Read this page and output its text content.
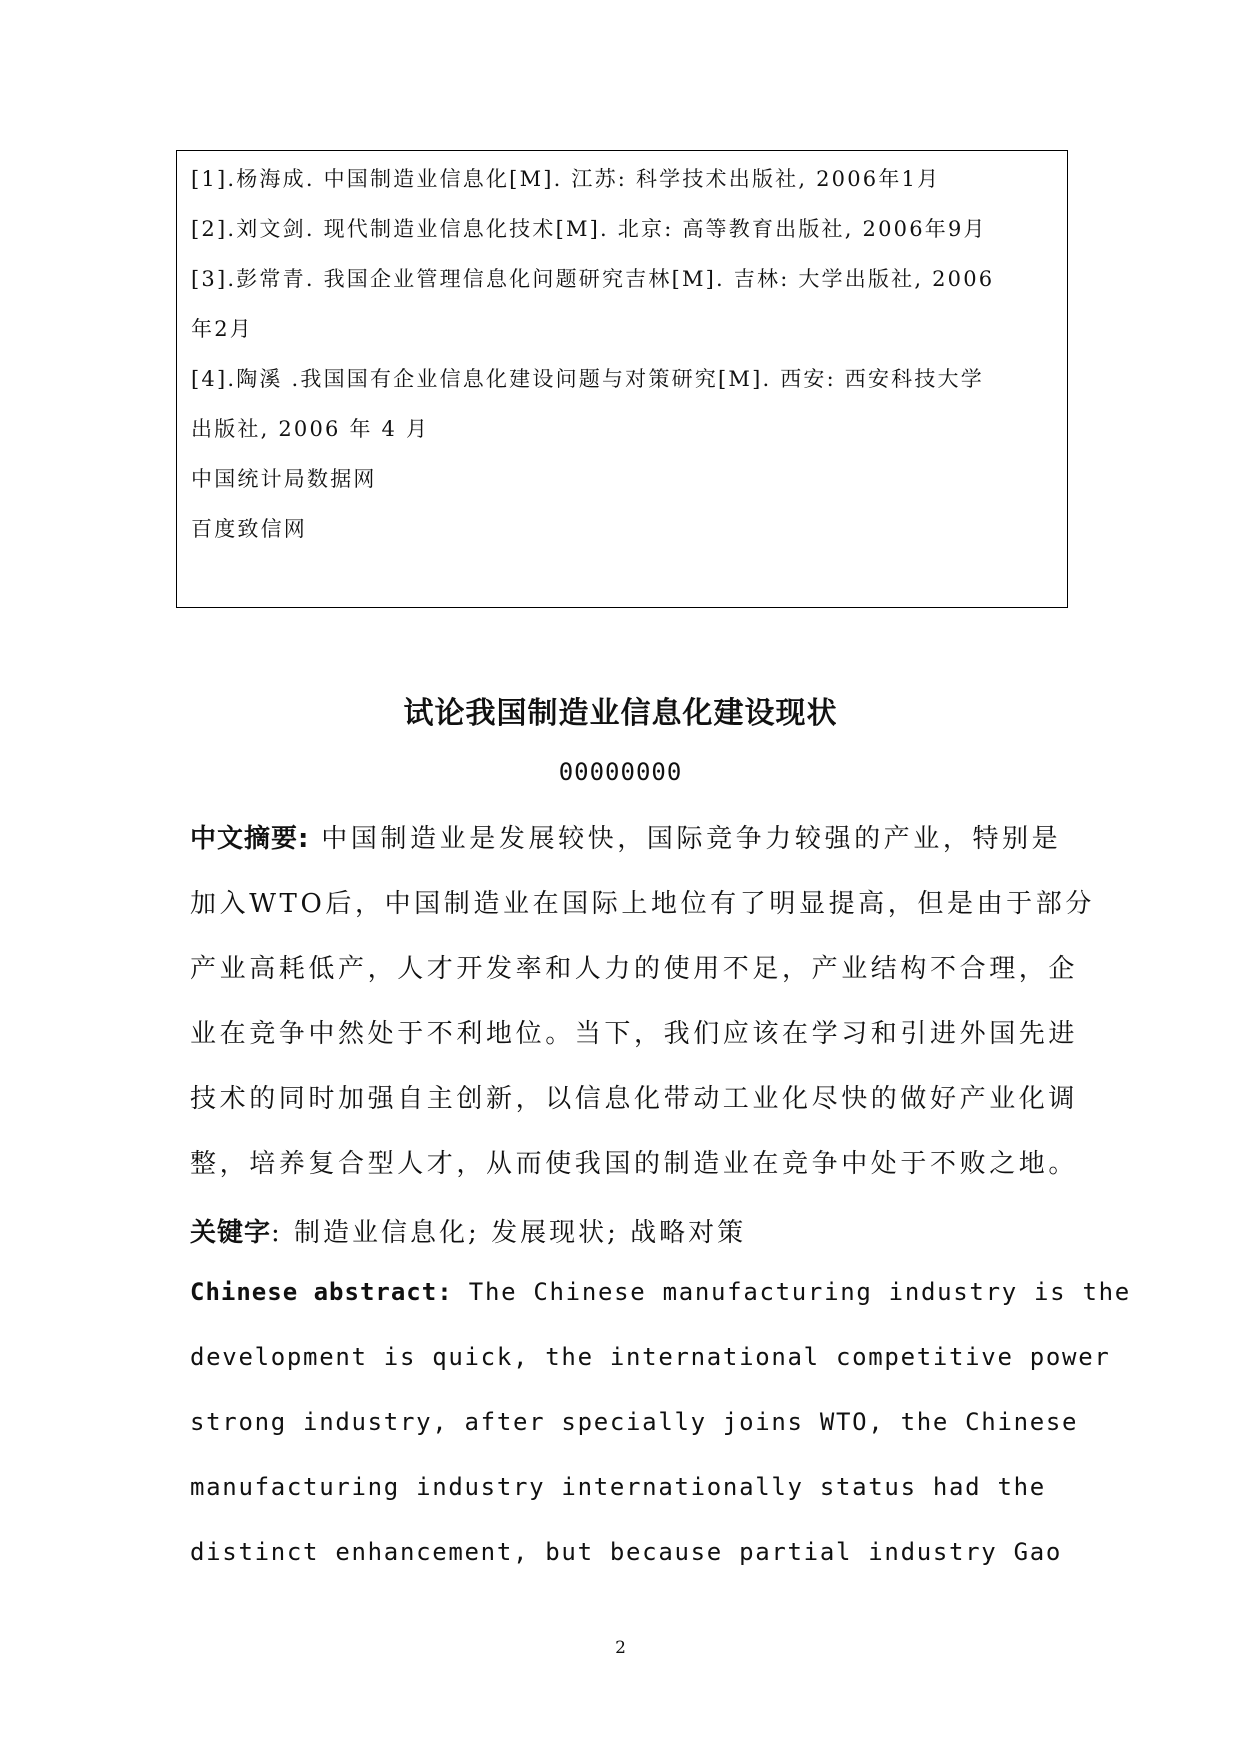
[1].杨海成. 中国制造业信息化[M]. 江苏: 科学技术出版社, 2006年1月
[2].刘文剑. 现代制造业信息化技术[M]. 北京: 高等教育出版社, 2006年9月
[3].彭常青. 我国企业管理信息化问题研究吉林[M]. 吉林: 大学出版社, 2006
年2月
[4].陶溪 .我国国有企业信息化建设问题与对策研究[M]. 西安: 西安科技大学
出版社, 2006 年 4 月
中国统计局数据网
百度致信网
试论我国制造业信息化建设现状
00000000
中文摘要: 中国制造业是发展较快，国际竞争力较强的产业，特别是
加入WTO后，中国制造业在国际上地位有了明显提高，但是由于部分
产业高耗低产，人才开发率和人力的使用不足，产业结构不合理，企
业在竞争中然处于不利地位。当下，我们应该在学习和引进外国先进
技术的同时加强自主创新，以信息化带动工业化尽快的做好产业化调
整，培养复合型人才，从而使我国的制造业在竞争中处于不败之地。
关键字: 制造业信息化; 发展现状; 战略对策
Chinese abstract: The Chinese manufacturing industry is the
development is quick, the international competitive power
strong industry, after specially joins WTO, the Chinese
manufacturing industry internationally status had the
distinct enhancement, but because partial industry Gao
2
